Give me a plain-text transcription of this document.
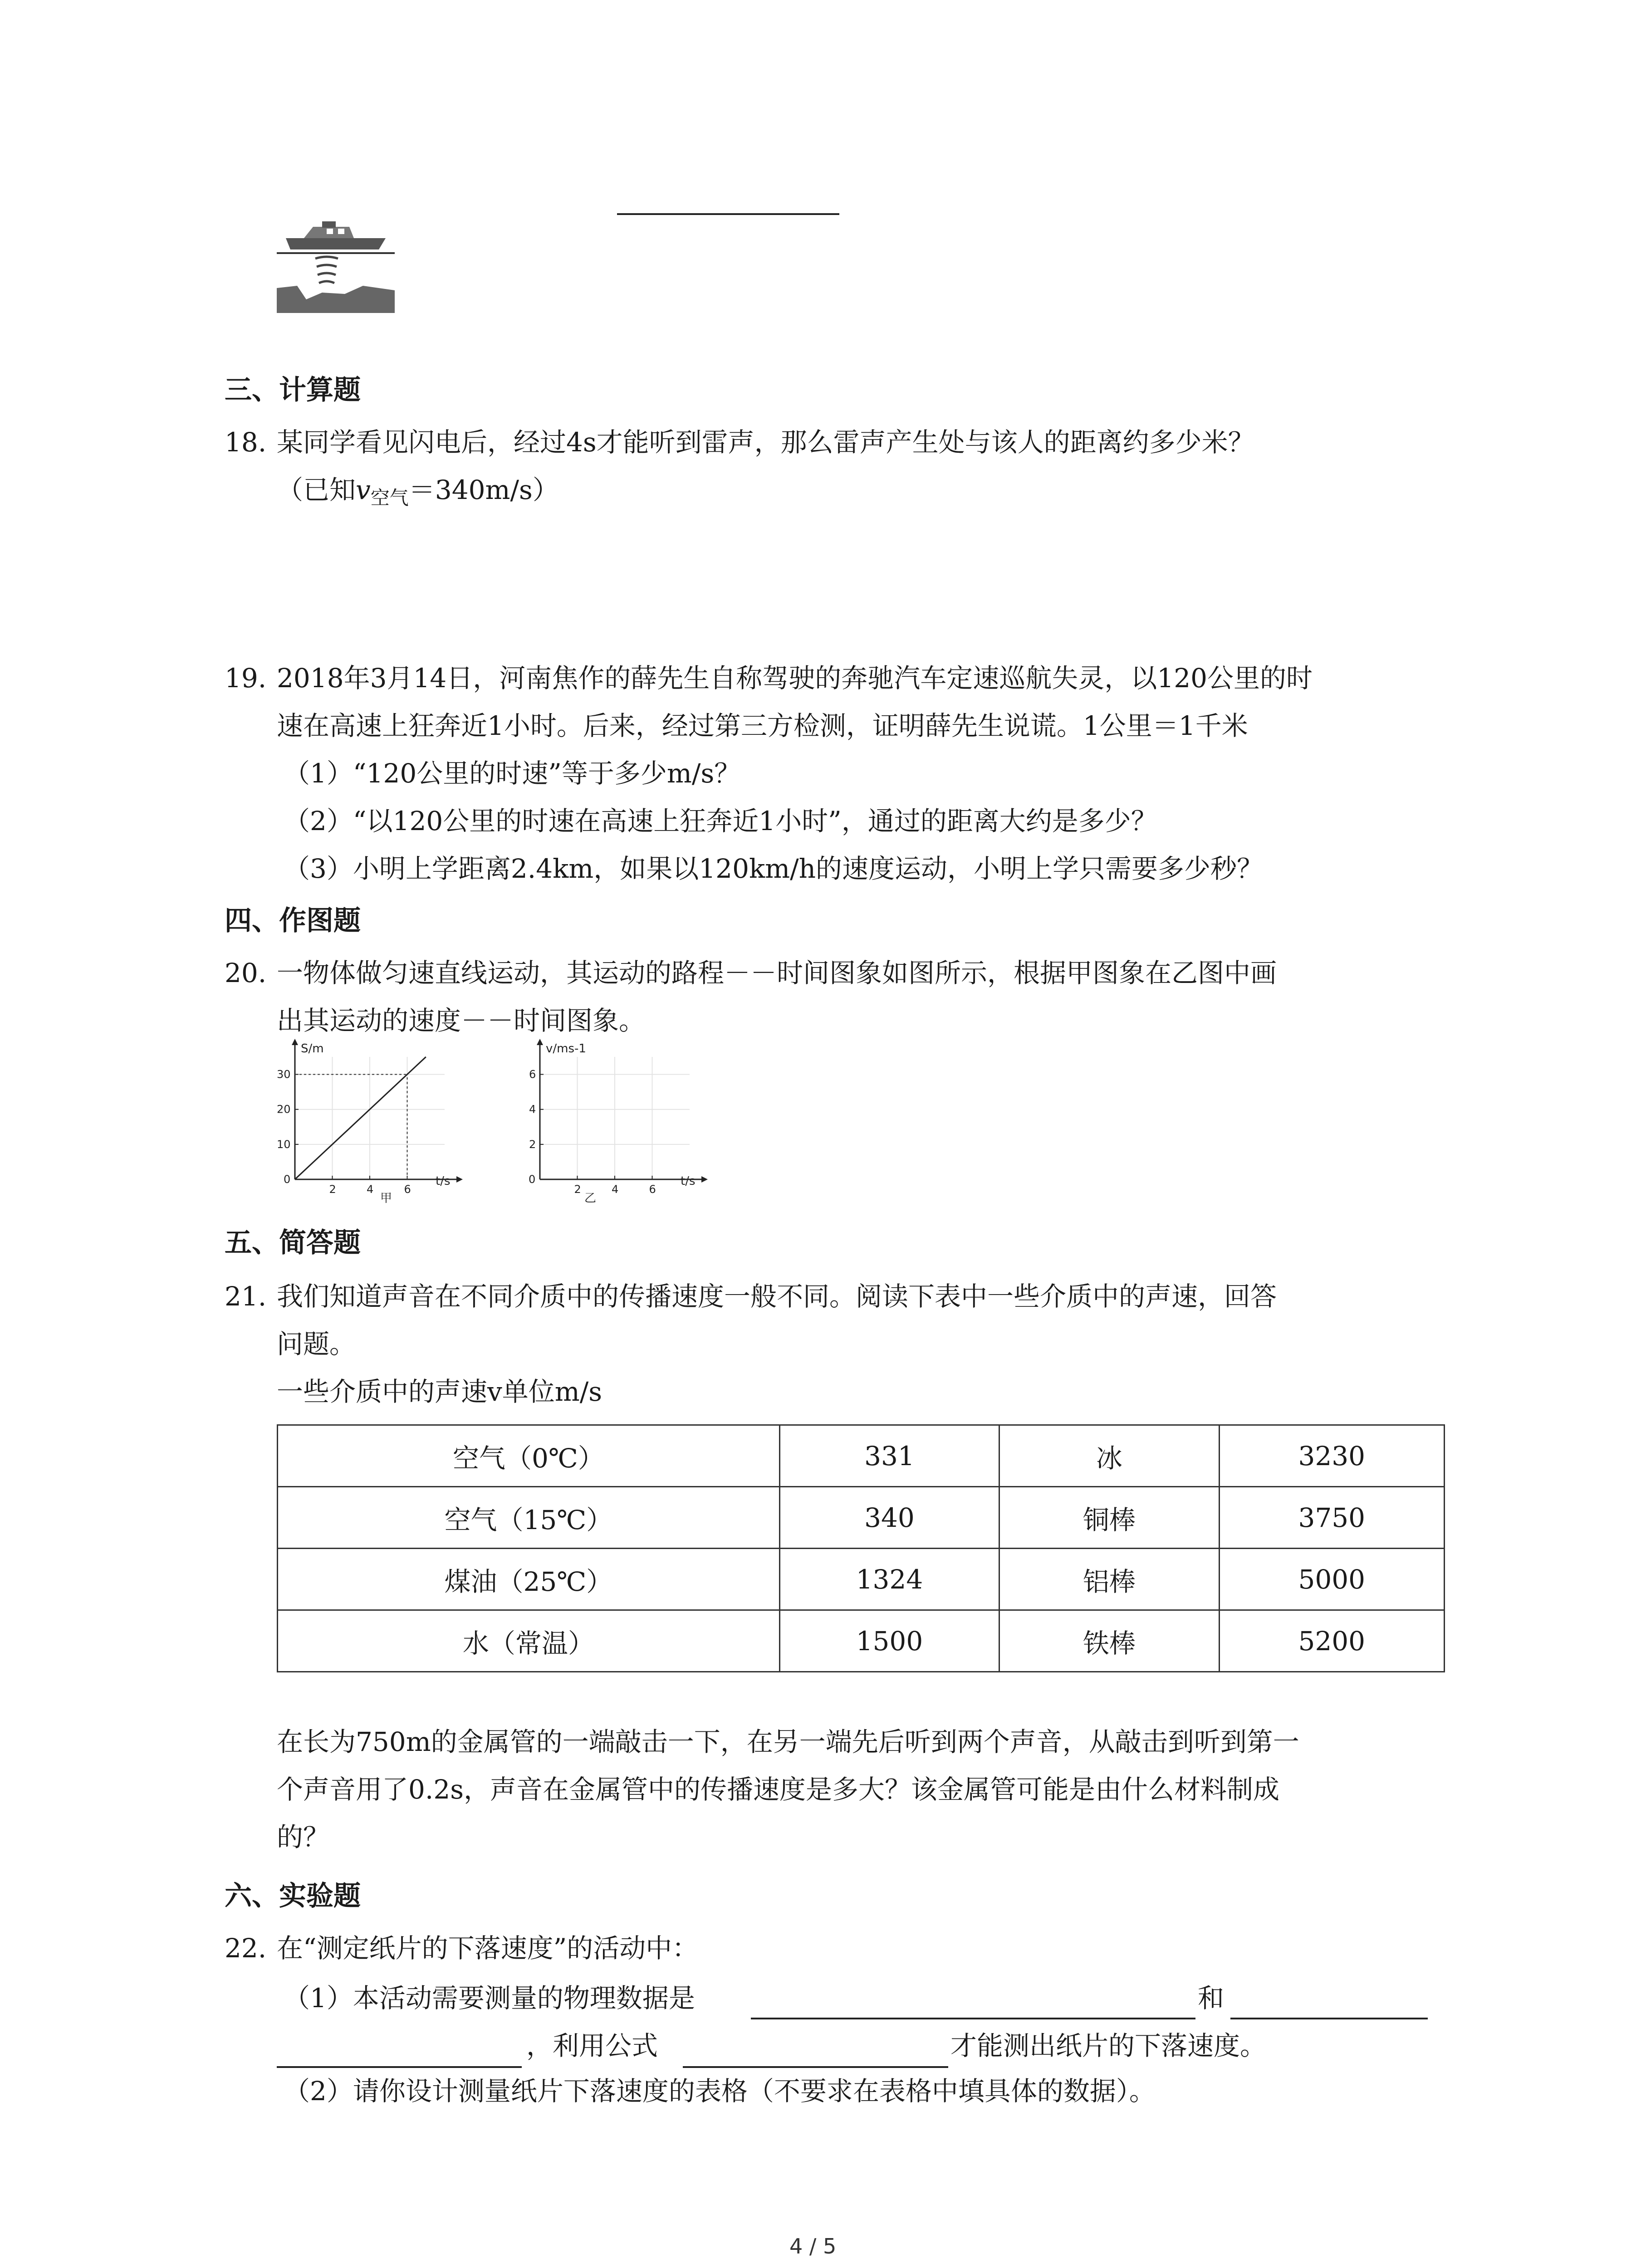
三、计算题
18. 某同学看见闪电后，经过4s才能听到雷声，那么雷声产生处与该人的距离约多少米？
（已知$v_{空气}=340m/s$）
19. 2018年3月14日，河南焦作的薛先生自称驾驶的奔驰汽车定速巡航失灵，以120公里的时
速在高速上狂奔近1小时。后来，经过第三方检测，证明薛先生说谎。1公里＝1千米
（1）“120公里的时速”等于多少m/s？
（2）“以120公里的时速在高速上狂奔近1小时”，通过的距离大约是多少？
（3）小明上学距离2.4km，如果以120km/h的速度运动，小明上学只需要多少秒？
四、作图题
20. 一物体做匀速直线运动，其运动的路程－－时间图象如图所示，根据甲图象在乙图中画
出其运动的速度－－时间图象。
0
2	4	6
10
20
30
S/m
t/s
甲
0
2	4	6
2
4
6
v/ms-1
t/s
乙
五、简答题
21. 我们知道声音在不同介质中的传播速度一般不同。阅读下表中一些介质中的声速，回答
问题。
一些介质中的声速v单位m/s
空气（0℃）	331	冰	3230
空气（15℃）	340	铜棒	3750
煤油（25℃）	1324	铝棒	5000
水（常温）	1500	铁棒	5200
在长为750m的金属管的一端敲击一下，在另一端先后听到两个声音，从敲击到听到第一
个声音用了0.2s，声音在金属管中的传播速度是多大？该金属管可能是由什么材料制成
的？
六、实验题
22. 在“测定纸片的下落速度”的活动中：
（1）本活动需要测量的物理数据是	和
，利用公式	才能测出纸片的下落速度。
（2）请你设计测量纸片下落速度的表格（不要求在表格中填具体的数据）。
4 / 5
